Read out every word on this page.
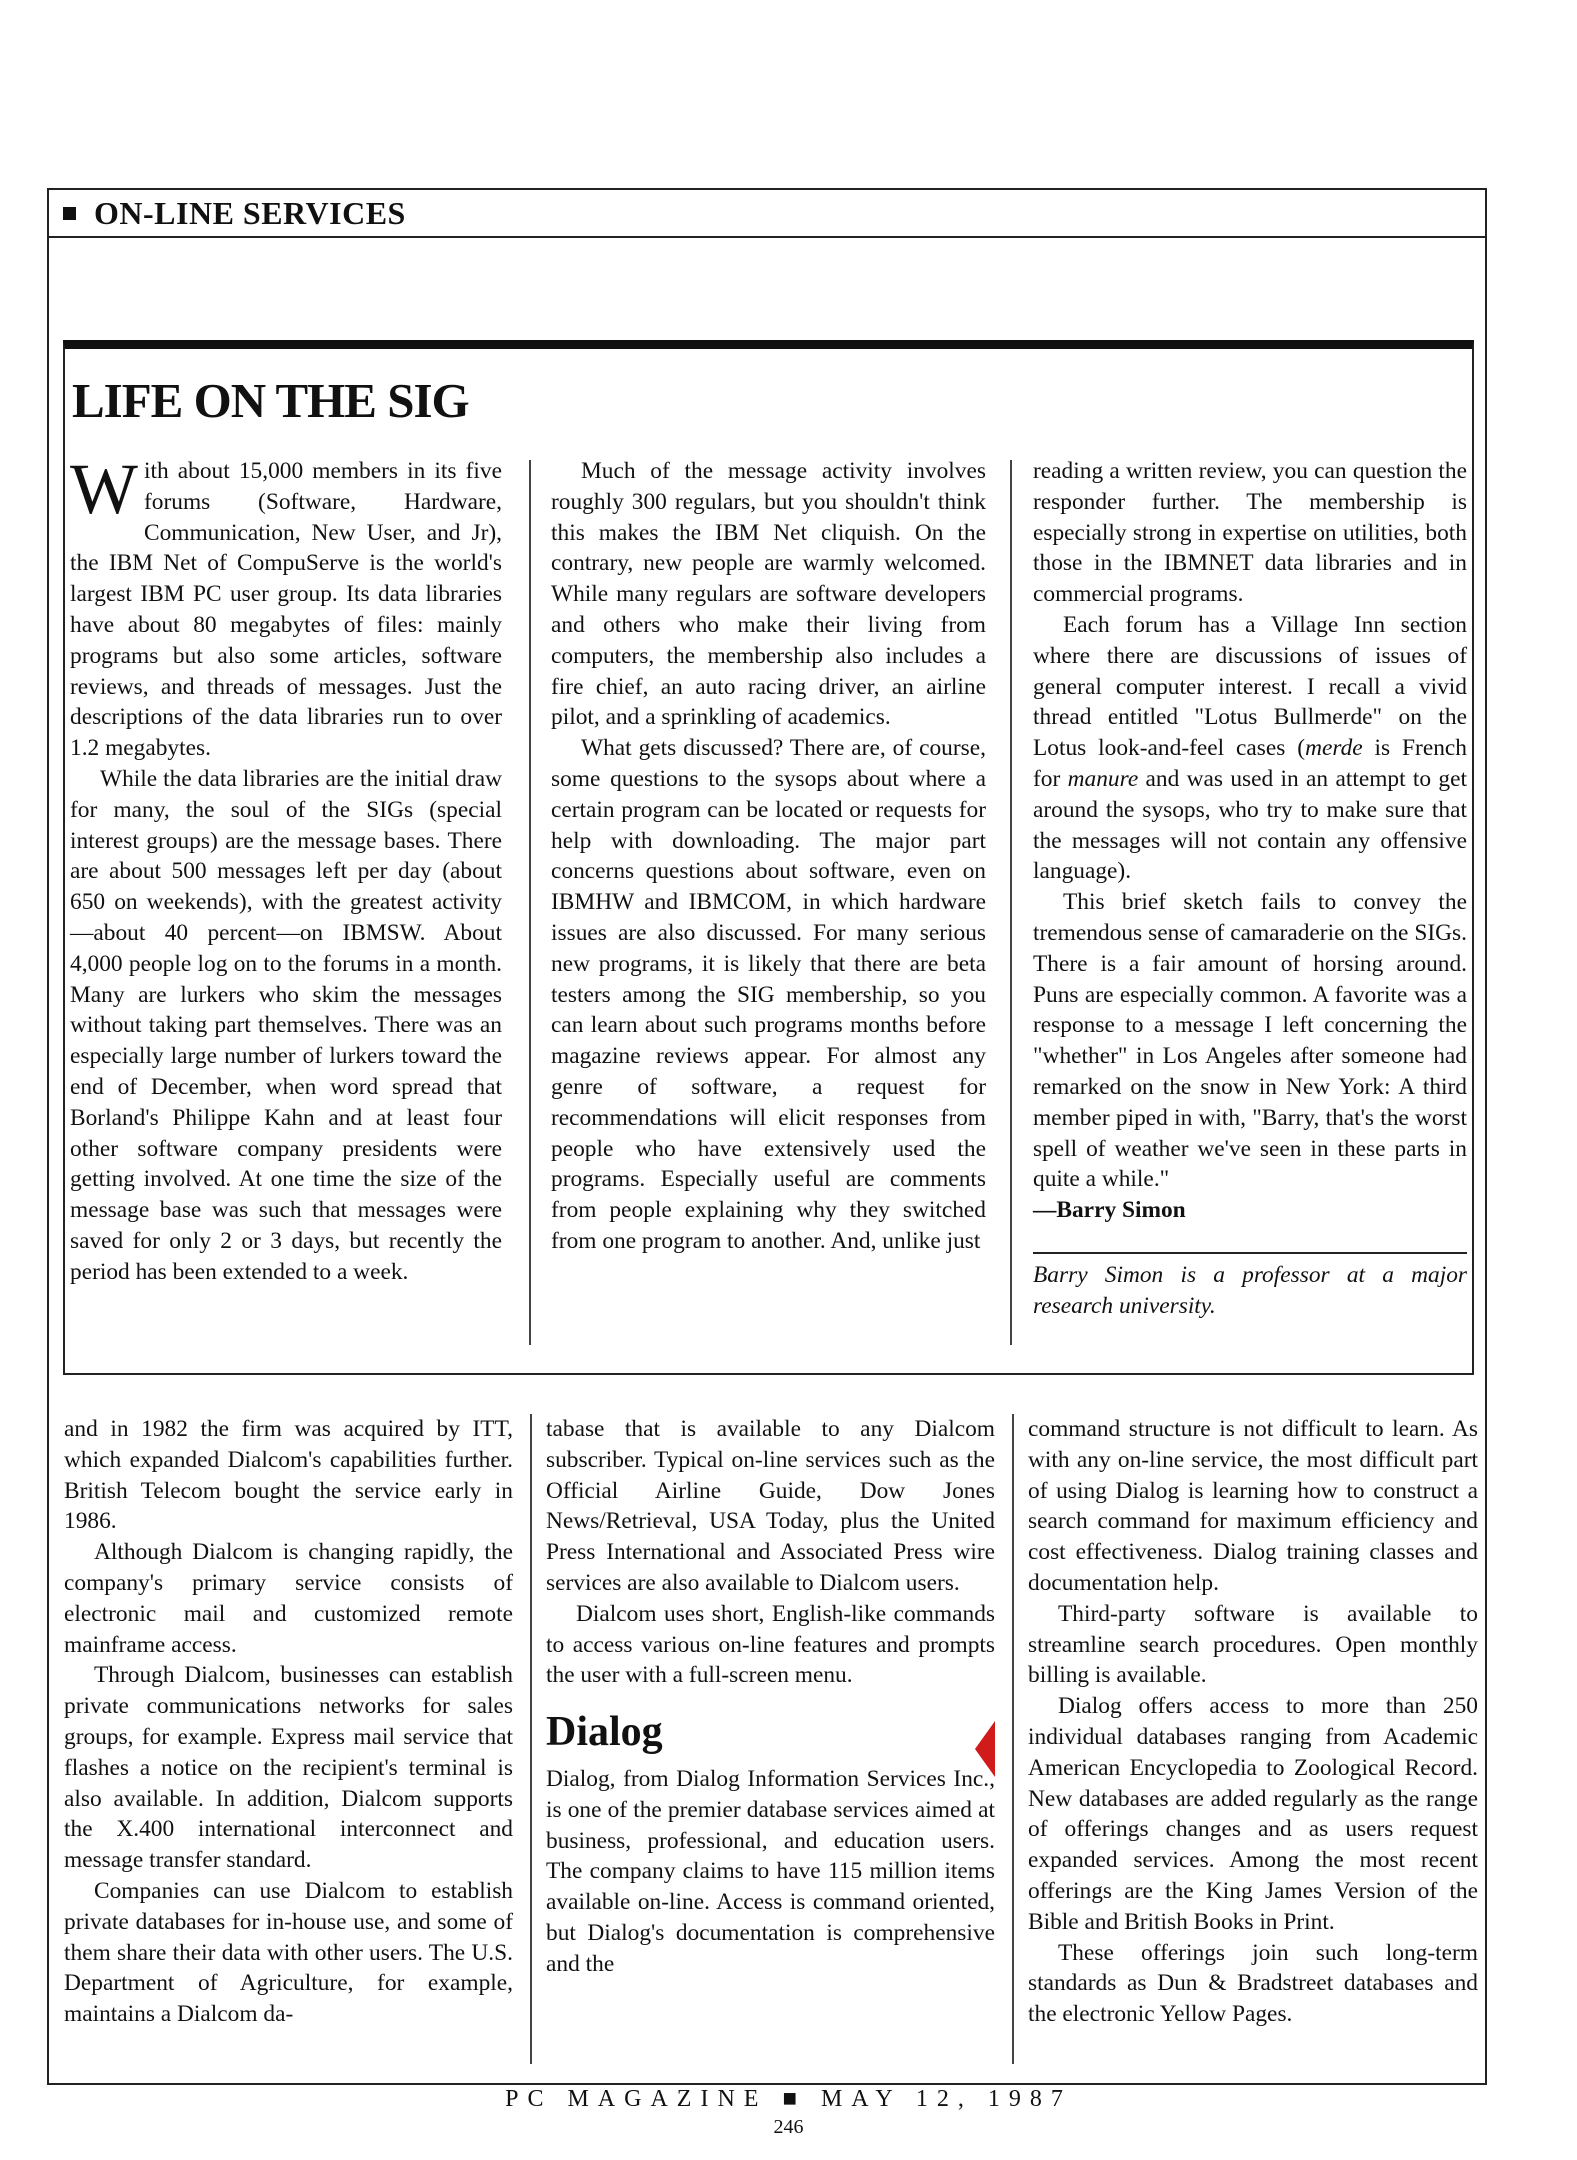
ON-LINE SERVICES
LIFE ON THE SIG

With about 15,000 members in its five forums (Software, Hardware, Communication, New User, and Jr), the IBM Net of CompuServe is the world's largest IBM PC user group. Its data libraries have about 80 megabytes of files: mainly programs but also some articles, software reviews, and threads of messages. Just the descriptions of the data libraries run to over 1.2 megabytes.

While the data libraries are the initial draw for many, the soul of the SIGs (special interest groups) are the message bases. There are about 500 messages left per day (about 650 on weekends), with the greatest activity—about 40 percent—on IBMSW. About 4,000 people log on to the forums in a month. Many are lurkers who skim the messages without taking part themselves. There was an especially large number of lurkers toward the end of December, when word spread that Borland's Philippe Kahn and at least four other software company presidents were getting involved. At one time the size of the message base was such that messages were saved for only 2 or 3 days, but recently the period has been extended to a week.

Much of the message activity involves roughly 300 regulars, but you shouldn't think this makes the IBM Net cliquish. On the contrary, new people are warmly welcomed. While many regulars are software developers and others who make their living from computers, the membership also includes a fire chief, an auto racing driver, an airline pilot, and a sprinkling of academics.

What gets discussed? There are, of course, some questions to the sysops about where a certain program can be located or requests for help with downloading. The major part concerns questions about software, even on IBMHW and IBMCOM, in which hardware issues are also discussed. For many serious new programs, it is likely that there are beta testers among the SIG membership, so you can learn about such programs months before magazine reviews appear. For almost any genre of software, a request for recommendations will elicit responses from people who have extensively used the programs. Especially useful are comments from people explaining why they switched from one program to another. And, unlike just

reading a written review, you can question the responder further. The membership is especially strong in expertise on utilities, both those in the IBMNET data libraries and in commercial programs.

Each forum has a Village Inn section where there are discussions of issues of general computer interest. I recall a vivid thread entitled "Lotus Bullmerde" on the Lotus look-and-feel cases (merde is French for manure and was used in an attempt to get around the sysops, who try to make sure that the messages will not contain any offensive language).

This brief sketch fails to convey the tremendous sense of camaraderie on the SIGs. There is a fair amount of horsing around. Puns are especially common. A favorite was a response to a message I left concerning the "whether" in Los Angeles after someone had remarked on the snow in New York: A third member piped in with, "Barry, that's the worst spell of weather we've seen in these parts in quite a while."

—Barry Simon

Barry Simon is a professor at a major research university.

and in 1982 the firm was acquired by ITT, which expanded Dialcom's capabilities further. British Telecom bought the service early in 1986.

Although Dialcom is changing rapidly, the company's primary service consists of electronic mail and customized remote mainframe access.

Through Dialcom, businesses can establish private communications networks for sales groups, for example. Express mail service that flashes a notice on the recipient's terminal is also available. In addition, Dialcom supports the X.400 international interconnect and message transfer standard.

Companies can use Dialcom to establish private databases for in-house use, and some of them share their data with other users. The U.S. Department of Agriculture, for example, maintains a Dialcom da-

tabase that is available to any Dialcom subscriber. Typical on-line services such as the Official Airline Guide, Dow Jones News/Retrieval, USA Today, plus the United Press International and Associated Press wire services are also available to Dialcom users.

Dialcom uses short, English-like commands to access various on-line features and prompts the user with a full-screen menu.

Dialog

Dialog, from Dialog Information Services Inc., is one of the premier database services aimed at business, professional, and education users. The company claims to have 115 million items available on-line. Access is command oriented, but Dialog's documentation is comprehensive and the

command structure is not difficult to learn. As with any on-line service, the most difficult part of using Dialog is learning how to construct a search command for maximum efficiency and cost effectiveness. Dialog training classes and documentation help.

Third-party software is available to streamline search procedures. Open monthly billing is available.

Dialog offers access to more than 250 individual databases ranging from Academic American Encyclopedia to Zoological Record. New databases are added regularly as the range of offerings changes and as users request expanded services. Among the most recent offerings are the King James Version of the Bible and British Books in Print.

These offerings join such long-term standards as Dun & Bradstreet databases and the electronic Yellow Pages.

PC MAGAZINE ■ MAY 12, 1987
246
